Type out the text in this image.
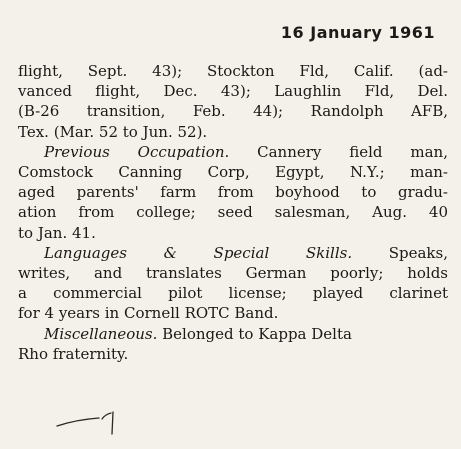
16 January 1961
flight, Sept. 43); Stockton Fld, Calif. (ad-
vanced flight, Dec. 43); Laughlin Fld, Del.
(B-26 transition, Feb. 44); Randolph AFB,
Tex. (Mar. 52 to Jun. 52).
Previous Occupation. Cannery field man,
Comstock Canning Corp, Egypt, N.Y.; man-
aged parents' farm from boyhood to gradu-
ation from college; seed salesman, Aug. 40
to Jan. 41.
Languages & Special Skills. Speaks,
writes, and translates German poorly; holds
a commercial pilot license; played clarinet
for 4 years in Cornell ROTC Band.
Miscellaneous. Belonged to Kappa Delta
Rho fraternity.
